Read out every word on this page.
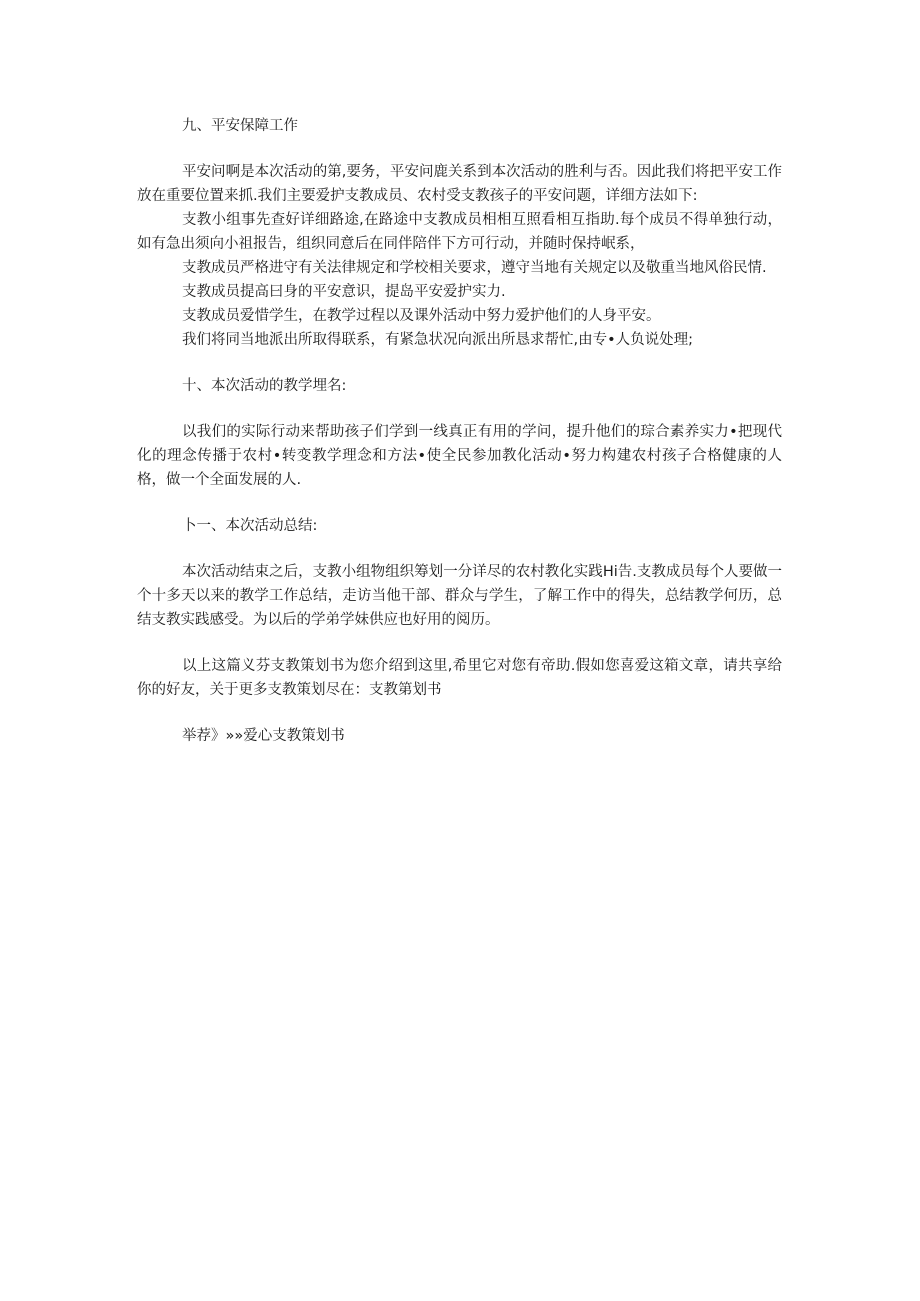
九、平安保障工作

平安问啊是本次活动的第,要务，平安问鹿关系到本次活动的胜利与否。因此我们将把平安工作放在重要位置来抓.我们主要爱护支教成员、农村受支教孩子的平安问题，详细方法如下:

支教小组事先查好详细路途,在路途中支教成员相相互照看相互指助.每个成员不得单独行动，如有急出须向小祖报告，组织同意后在同伴陪伴下方可行动，并随时保持岷系，

支教成员严格进守有关法律规定和学校相关要求，遵守当地有关规定以及敬重当地风俗民情.

支教成员提高曰身的平安意识，提岛平安爱护实力.

支教成员爱惜学生，在教学过程以及课外活动中努力爱护他们的人身平安。

我们将同当地派出所取得联系，有紧急状况向派出所恳求帮忙,由专•人负说处理;

十、本次活动的教学埋名:

以我们的实际行动来帮助孩子们学到一线真正有用的学问，提升他们的琮合素养实力•把现代化的理念传播于农村•转变教学理念和方法•使全民参加教化活动•努力构建农村孩子合格健康的人格，做一个全面发展的人.

卜一、本次活动总结:

本次活动结束之后，支教小组物组织筹划一分详尽的农村教化实践Hi告.支教成员每个人要做一个十多天以来的教学工作总结，走访当他干部、群众与学生，了解工作中的得失，总结教学何历，总结支教实践感受。为以后的学弟学妹供应也好用的阅历。

以上这篇义芬支教策划书为您介绍到这里,希里它对您有帝助.假如您喜爱这箱文章，请共享给你的好友，关于更多支教策划尽在：支教第划书

举荐》»»爱心支教策划书
